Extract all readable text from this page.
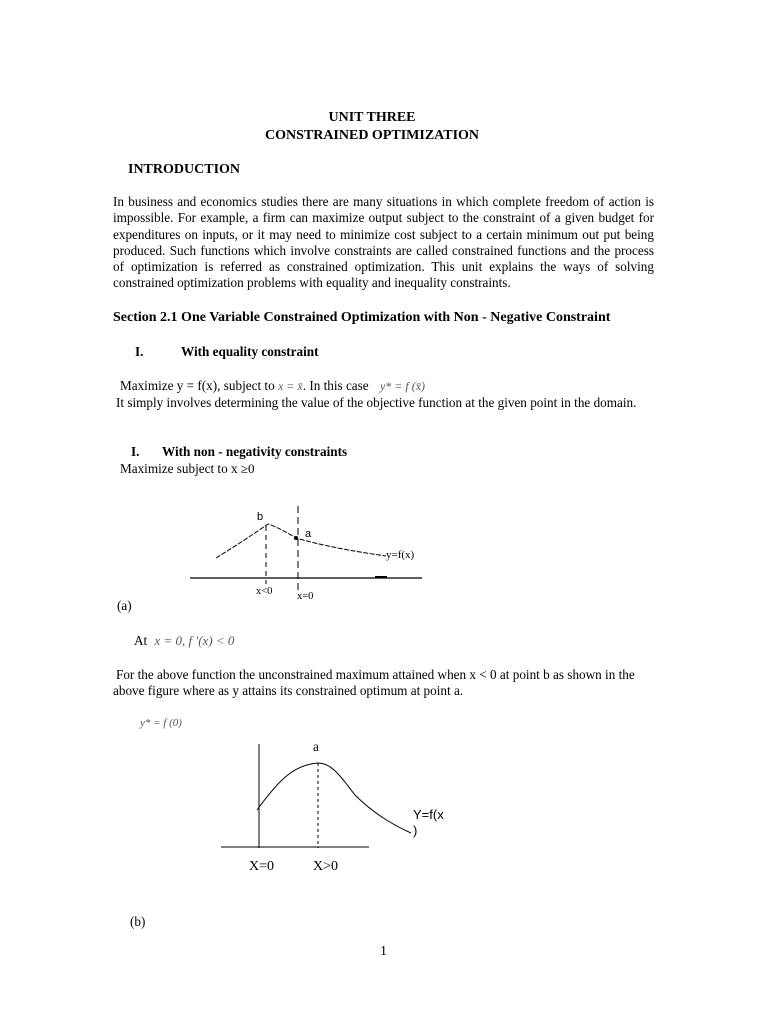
UNIT THREE
CONSTRAINED OPTIMIZATION
INTRODUCTION
In business and economics studies there are many situations in which complete freedom of action is impossible. For example, a firm can maximize output subject to the constraint of a given budget for expenditures on inputs, or it may need to minimize cost subject to a certain minimum out put being produced. Such functions which involve constraints are called constrained functions and the process of optimization is referred as constrained optimization. This unit explains the ways of solving constrained optimization problems with equality and inequality constraints.
Section 2.1 One Variable Constrained Optimization with Non - Negative Constraint
I.	With equality constraint
Maximize y = f(x), subject to x = x̄. In this case y* = f (x̄)
It simply involves determining the value of the objective function at the given point in the domain.
I. With non - negativity constraints
Maximize subject to x ≥0
b
a
y=f(x)
x<0 x=0
(a)
At x = 0, f ′(x) < 0
For the above function the unconstrained maximum attained when x < 0 at point b as shown in the above figure where as y attains its constrained optimum at point a.
y* = f (0)
a
Y=f(x
)
X=0	X>0
(b)
1
